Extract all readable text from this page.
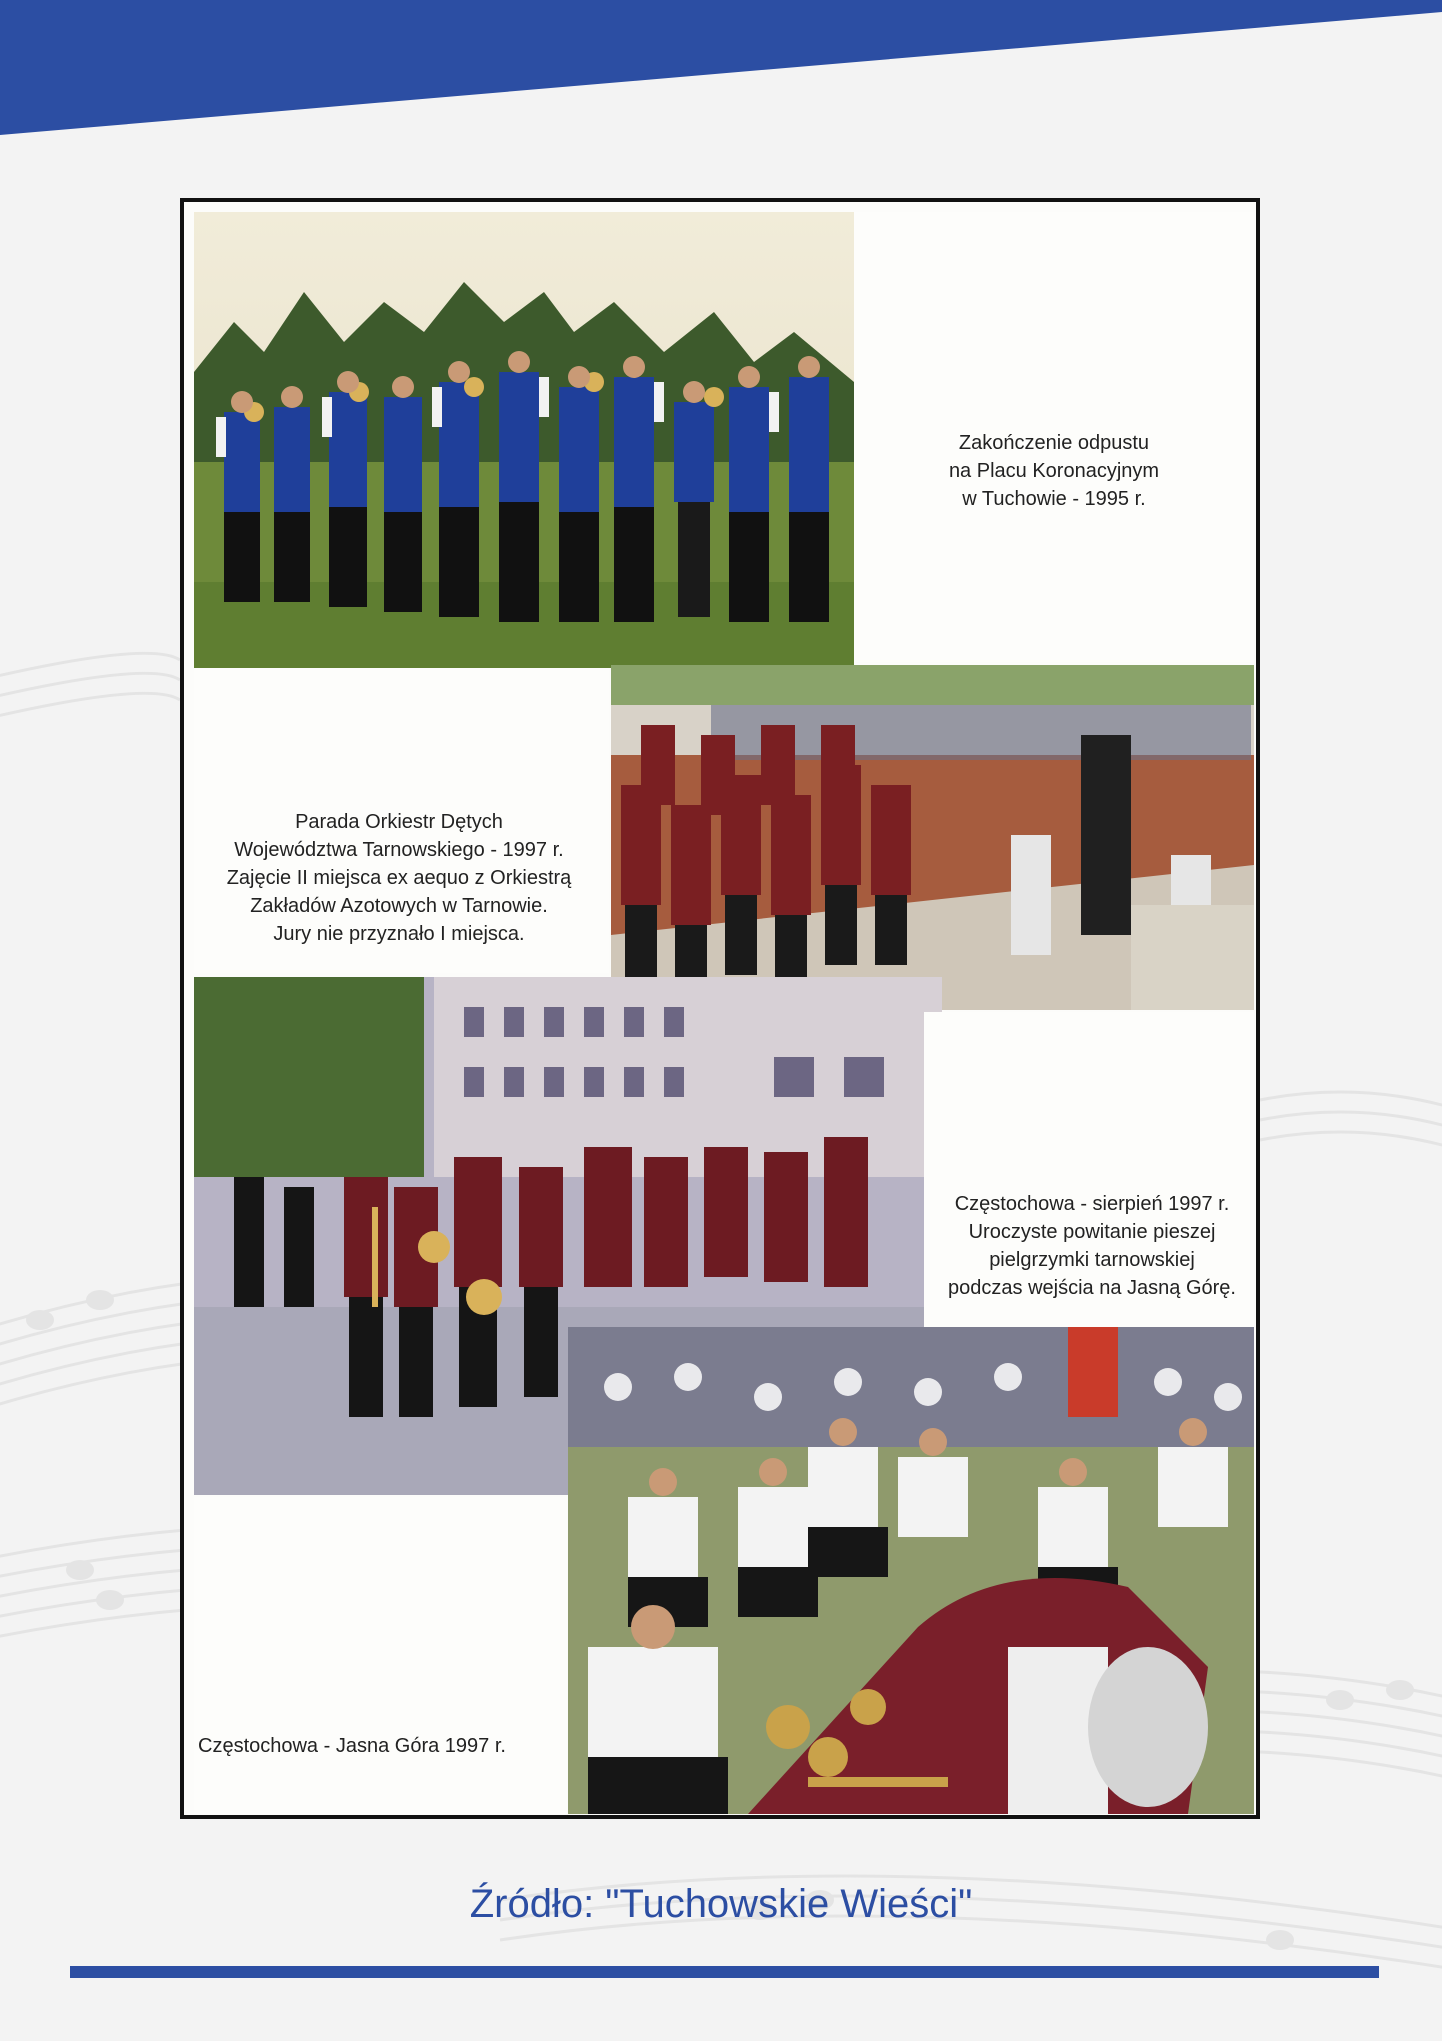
Zakończenie odpustu
na Placu Koronacyjnym
w Tuchowie - 1995 r.
Parada Orkiestr Dętych
Województwa Tarnowskiego - 1997 r.
Zajęcie II miejsca ex aequo z Orkiestrą
Zakładów Azotowych w Tarnowie.
Jury nie przyznało I miejsca.
Częstochowa - sierpień 1997 r.
Uroczyste powitanie pieszej
pielgrzymki tarnowskiej
podczas wejścia na Jasną Górę.
Częstochowa - Jasna Góra 1997 r.
Źródło: "Tuchowskie Wieści"
